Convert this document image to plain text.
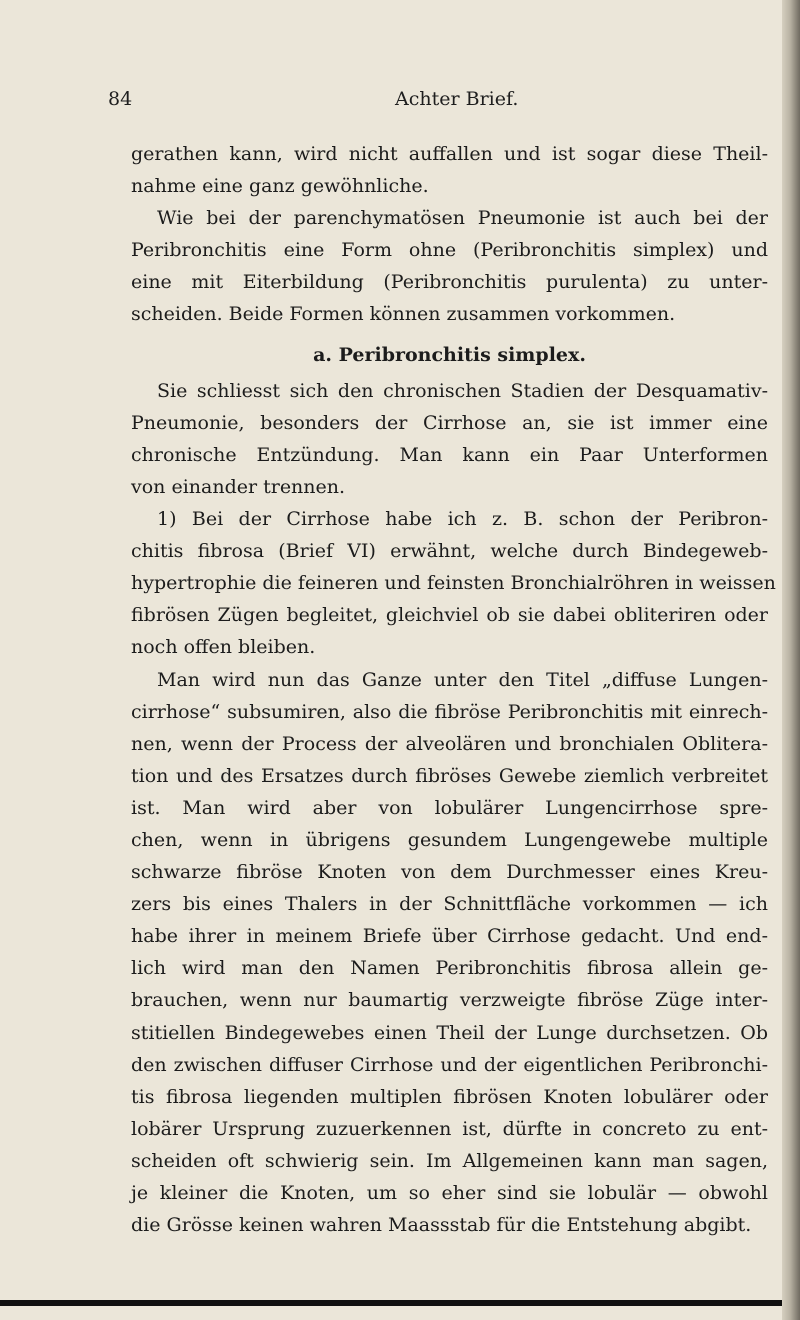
84	Achter Brief.
gerathen kann, wird nicht auffallen und ist sogar diese Theil-
nahme eine ganz gewöhnliche.
Wie bei der parenchymatösen Pneumonie ist auch bei der
Peribronchitis eine Form ohne (Peribronchitis simplex) und
eine mit Eiterbildung (Peribronchitis purulenta) zu unter-
scheiden. Beide Formen können zusammen vorkommen.
a. Peribronchitis simplex.
Sie schliesst sich den chronischen Stadien der Desquamativ-
Pneumonie, besonders der Cirrhose an, sie ist immer eine
chronische Entzündung. Man kann ein Paar Unterformen
von einander trennen.
1) Bei der Cirrhose habe ich z. B. schon der Peribron-
chitis fibrosa (Brief VI) erwähnt, welche durch Bindegeweb-
hypertrophie die feineren und feinsten Bronchialröhren in weissen
fibrösen Zügen begleitet, gleichviel ob sie dabei obliteriren oder
noch offen bleiben.
Man wird nun das Ganze unter den Titel „diffuse Lungen-
cirrhose“ subsumiren, also die fibröse Peribronchitis mit einrech-
nen, wenn der Process der alveolären und bronchialen Oblitera-
tion und des Ersatzes durch fibröses Gewebe ziemlich verbreitet
ist. Man wird aber von lobulärer Lungencirrhose spre-
chen, wenn in übrigens gesundem Lungengewebe multiple
schwarze fibröse Knoten von dem Durchmesser eines Kreu-
zers bis eines Thalers in der Schnittfläche vorkommen — ich
habe ihrer in meinem Briefe über Cirrhose gedacht. Und end-
lich wird man den Namen Peribronchitis fibrosa allein ge-
brauchen, wenn nur baumartig verzweigte fibröse Züge inter-
stitiellen Bindegewebes einen Theil der Lunge durchsetzen. Ob
den zwischen diffuser Cirrhose und der eigentlichen Peribronchi-
tis fibrosa liegenden multiplen fibrösen Knoten lobulärer oder
lobärer Ursprung zuzuerkennen ist, dürfte in concreto zu ent-
scheiden oft schwierig sein. Im Allgemeinen kann man sagen,
je kleiner die Knoten, um so eher sind sie lobulär — obwohl
die Grösse keinen wahren Maassstab für die Entstehung abgibt.
